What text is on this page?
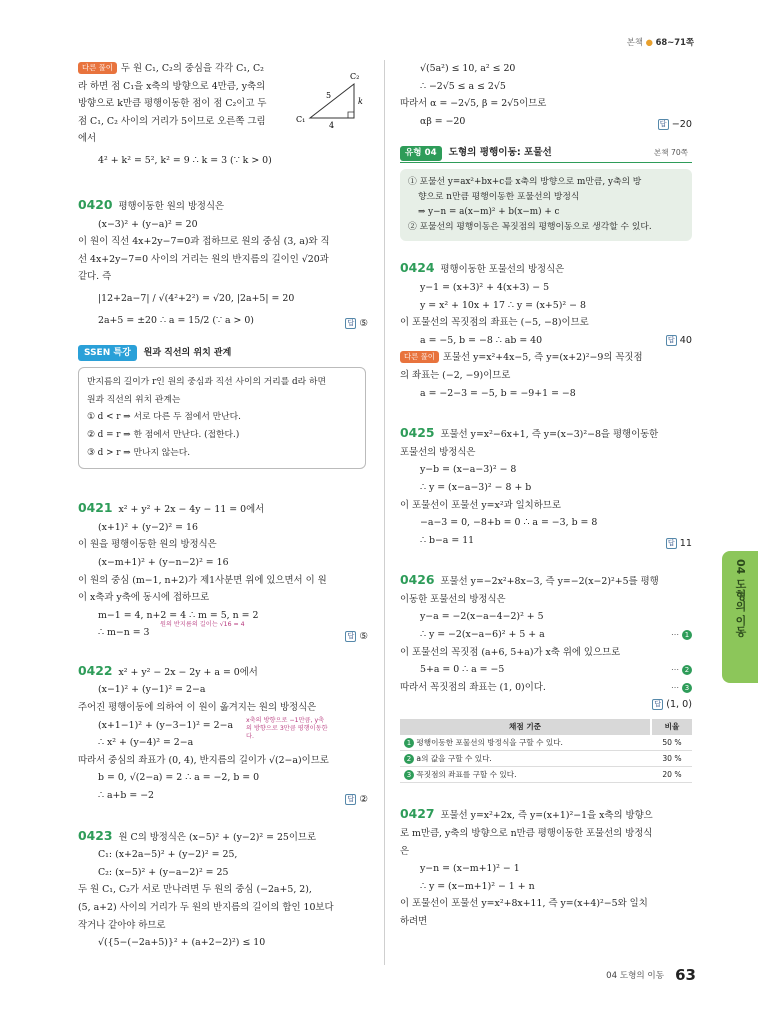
본책 ● 68~71쪽
04 도형의 이동
다른 풀이 두 원 C₁, C₂의 중심을 각각 C₁, C₂
라 하면 점 C₁을 x축의 방향으로 4만큼, y축의
방향으로 k만큼 평행이동한 점이 점 C₂이고 두
점 C₁, C₂ 사이의 거리가 5이므로 오른쪽 그림
에서
4² + k² = 5², k² = 9 ∴ k = 3 (∵ k > 0)
C₁
C₂
5
4
k
0420 평행이동한 원의 방정식은
(x−3)² + (y−a)² = 20
이 원이 직선 4x+2y−7=0과 접하므로 원의 중심 (3, a)와 직
선 4x+2y−7=0 사이의 거리는 원의 반지름의 길이인 √20과
같다. 즉
|12+2a−7| / √(4²+2²) = √20, |2a+5| = 20
2a+5 = ±20 ∴ a = 15/2 (∵ a > 0)	답 ⑤
SSEN 특강 원과 직선의 위치 관계
반지름의 길이가 r인 원의 중심과 직선 사이의 거리를 d라 하면
원과 직선의 위치 관계는
① d < r ⇒ 서로 다른 두 점에서 만난다.
② d = r ⇒ 한 점에서 만난다. (접한다.)
③ d > r ⇒ 만나지 않는다.
0421 x² + y² + 2x − 4y − 11 = 0에서
(x+1)² + (y−2)² = 16
이 원을 평행이동한 원의 방정식은
(x−m+1)² + (y−n−2)² = 16
이 원의 중심 (m−1, n+2)가 제1사분면 위에 있으면서 이 원
이 x축과 y축에 동시에 접하므로
m−1 = 4, n+2 = 4 ∴ m = 5, n = 2
∴ m−n = 3
원의 반지름의 길이는 √16 = 4
답 ⑤
0422 x² + y² − 2x − 2y + a = 0에서
(x−1)² + (y−1)² = 2−a
주어진 평행이동에 의하여 이 원이 옮겨지는 원의 방정식은
(x+1−1)² + (y−3−1)² = 2−a x축의 방향으로 −1만큼, y축의 방향으로 3만큼 평행이동한다.
∴ x² + (y−4)² = 2−a
따라서 중심의 좌표가 (0, 4), 반지름의 길이가 √(2−a)이므로
b = 0, √(2−a) = 2 ∴ a = −2, b = 0
∴ a+b = −2	답 ②
0423 원 C의 방정식은 (x−5)² + (y−2)² = 25이므로
C₁: (x+2a−5)² + (y−2)² = 25,
C₂: (x−5)² + (y−a−2)² = 25
두 원 C₁, C₂가 서로 만나려면 두 원의 중심 (−2a+5, 2),
(5, a+2) 사이의 거리가 두 원의 반지름의 길이의 합인 10보다
작거나 같아야 하므로
√({5−(−2a+5)}² + (a+2−2)²) ≤ 10
√(5a²) ≤ 10, a² ≤ 20
∴ −2√5 ≤ a ≤ 2√5
따라서 α = −2√5, β = 2√5이므로
αβ = −20	답 −20
유형 04 도형의 평행이동: 포물선	본책 70쪽
① 포물선 y=ax²+bx+c를 x축의 방향으로 m만큼, y축의 방
향으로 n만큼 평행이동한 포물선의 방정식
⇒ y−n = a(x−m)² + b(x−m) + c
② 포물선의 평행이동은 꼭짓점의 평행이동으로 생각할 수 있다.
0424 평행이동한 포물선의 방정식은
y−1 = (x+3)² + 4(x+3) − 5
y = x² + 10x + 17 ∴ y = (x+5)² − 8
이 포물선의 꼭짓점의 좌표는 (−5, −8)이므로
a = −5, b = −8 ∴ ab = 40	답 40
다른 풀이 포물선 y=x²+4x−5, 즉 y=(x+2)²−9의 꼭짓점
의 좌표는 (−2, −9)이므로
a = −2−3 = −5, b = −9+1 = −8
0425 포물선 y=x²−6x+1, 즉 y=(x−3)²−8을 평행이동한
포물선의 방정식은
y−b = (x−a−3)² − 8
∴ y = (x−a−3)² − 8 + b
이 포물선이 포물선 y=x²과 일치하므로
−a−3 = 0, −8+b = 0 ∴ a = −3, b = 8
∴ b−a = 11	답 11
0426 포물선 y=−2x²+8x−3, 즉 y=−2(x−2)²+5를 평행
이동한 포물선의 방정식은
y−a = −2(x−a−4−2)² + 5
∴ y = −2(x−a−6)² + 5 + a	⋯ 1
이 포물선의 꼭짓점 (a+6, 5+a)가 x축 위에 있으므로
5+a = 0 ∴ a = −5	⋯ 2
따라서 꼭짓점의 좌표는 (1, 0)이다.	⋯ 3
답 (1, 0)
채점 기준	비율
1 평행이동한 포물선의 방정식을 구할 수 있다.	50 %
2 a의 값을 구할 수 있다.	30 %
3 꼭짓점의 좌표를 구할 수 있다.	20 %
0427 포물선 y=x²+2x, 즉 y=(x+1)²−1을 x축의 방향으
로 m만큼, y축의 방향으로 n만큼 평행이동한 포물선의 방정식
은
y−n = (x−m+1)² − 1
∴ y = (x−m+1)² − 1 + n
이 포물선이 포물선 y=x²+8x+11, 즉 y=(x+4)²−5와 일치
하려면
04 도형의 이동 63
